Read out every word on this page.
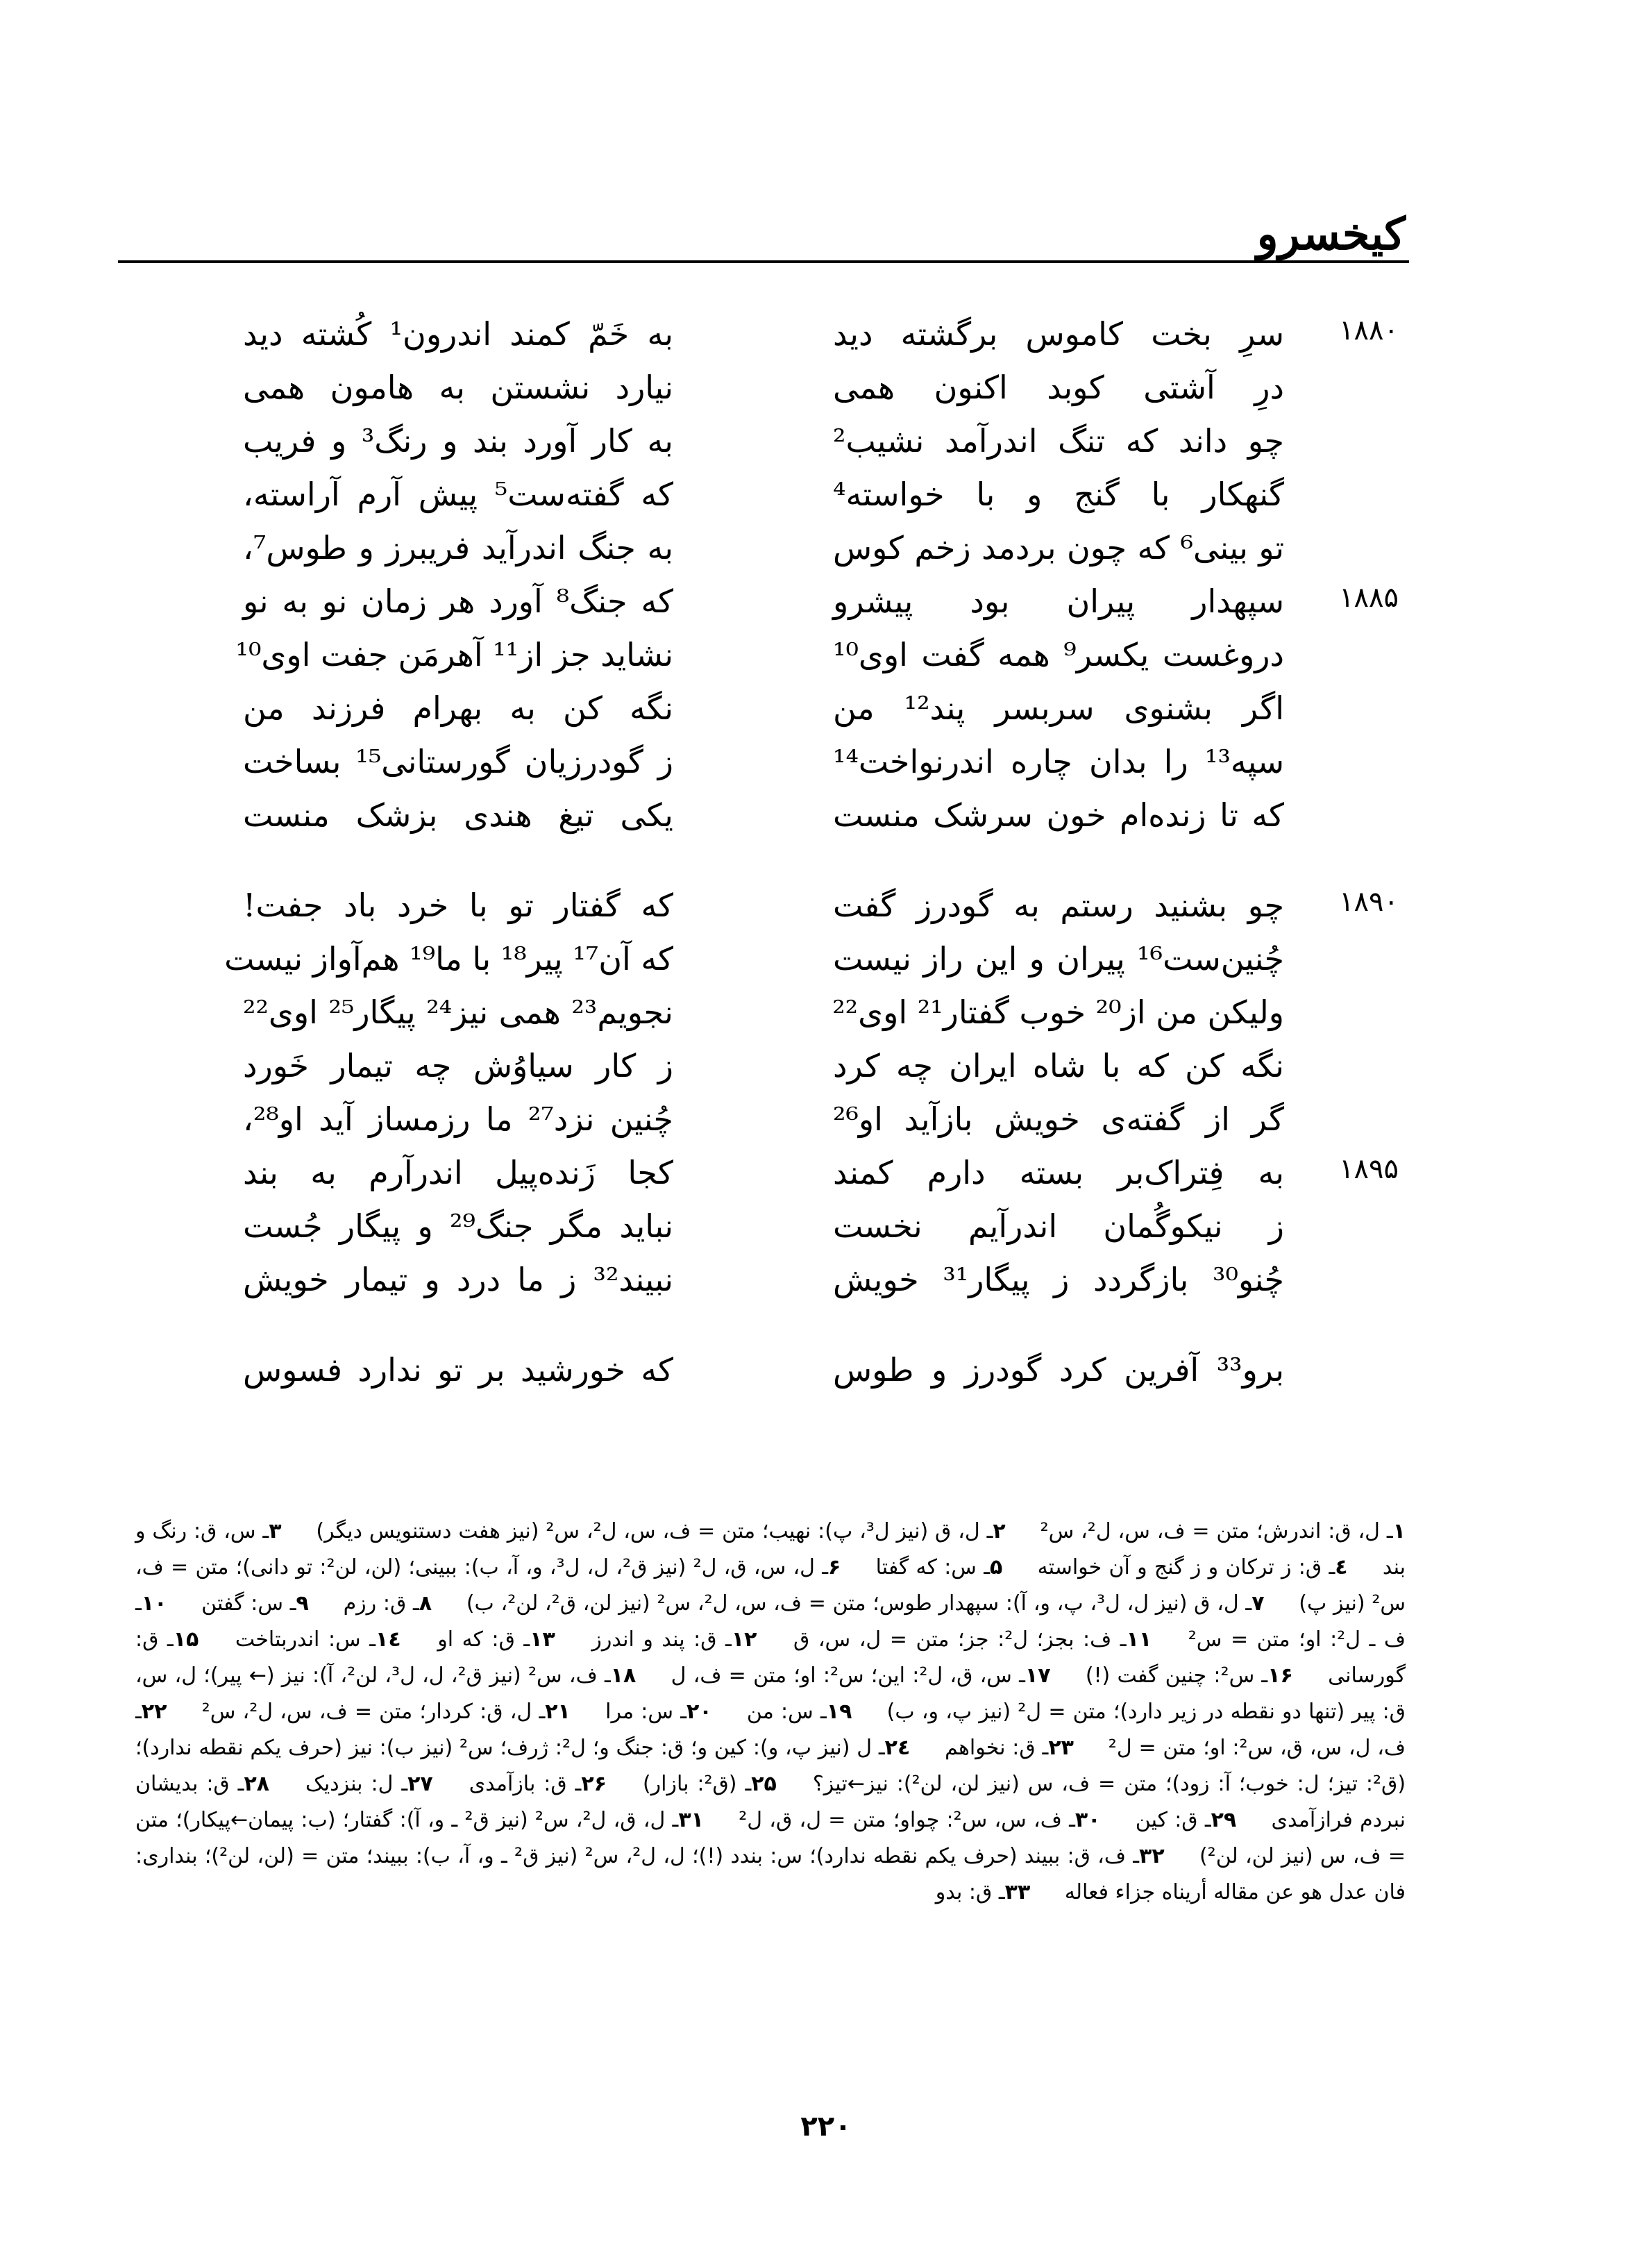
کیخسرو
۱۸۸۰
سرِ بخت کاموس برگشته دید
به خَمّ کمند اندرون¹ کُشته دید
درِ آشتی کوبد اکنون همی
نیارد نشستن به هامون همی
چو داند که تنگ اندرآمد نشیب²
به کار آورد بند و رنگ³ و فریب
گنهکار با گنج و با خواسته⁴
که گفته‌ست⁵ پیش آرم آراسته،
تو بینی⁶ که چون بردمد زخم کوس
به جنگ اندرآید فریبرز و طوس⁷،
۱۸۸۵
سپهدار پیران بود پیشرو
که جنگ⁸ آورد هر زمان نو به نو
دروغست یکسر⁹ همه گفت اوی¹⁰
نشاید جز از¹¹ آهرمَن جفت اوی¹⁰
اگر بشنوی سربسر پند¹² من
نگه کن به بهرام فرزند من
سپه¹³ را بدان چاره اندرنواخت¹⁴
ز گودرزیان گورستانی¹⁵ بساخت
که تا زنده‌ام خون سرشک منست
یکی تیغ هندی بزشک منست
۱۸۹۰
چو بشنید رستم به گودرز گفت
که گفتار تو با خرد باد جفت!
چُنین‌ست¹⁶ پیران و این راز نیست
که آن¹⁷ پیر¹⁸ با ما¹⁹ هم‌آواز نیست
ولیکن من از²⁰ خوب گفتار²¹ اوی²²
نجویم²³ همی نیز²⁴ پیگار²⁵ اوی²²
نگه کن که با شاه ایران چه کرد
ز کار سیاوُش چه تیمار خَورد
گر از گفته‌ی خویش بازآید او²⁶
چُنین نزد²⁷ ما رزمساز آید او²⁸،
۱۸۹۵
به فِتراک‌بر بسته دارم کمند
کجا زَنده‌پیل اندرآرم به بند
ز نیکوگُمان اندرآیم نخست
نباید مگر جنگ²⁹ و پیگار جُست
چُنو³⁰ بازگردد ز پیگار³¹ خویش
نبیند³² ز ما درد و تیمار خویش
برو³³ آفرین کرد گودرز و طوس
که خورشید بر تو ندارد فسوس
۱ـ ل، ق: اندرش؛ متن = ف، س، ل²، س² ۲ـ ل، ق (نیز ل³، پ): نهیب؛ متن = ف، س، ل²، س² (نیز هفت دستنویس دیگر) ۳ـ س، ق: رنگ و بند ٤ـ ق: ز ترکان و ز گنج و آن خواسته ۵ـ س: که گفتا ۶ـ ل، س، ق، ل² (نیز ق²، ل، ل³، و، آ، ب): ببینی؛ (لن، لن²: تو دانی)؛ متن = ف، س² (نیز پ) ۷ـ ل، ق (نیز ل، ل³، پ، و، آ): سپهدار طوس؛ متن = ف، س، ل²، س² (نیز لن، ق²، لن²، ب) ۸ـ ق: رزم ۹ـ س: گفتن ۱۰ـ ف ـ ل²: او؛ متن = س² ۱۱ـ ف: بجز؛ ل²: جز؛ متن = ل، س، ق ۱۲ـ ق: پند و اندرز ۱۳ـ ق: که او ۱٤ـ س: اندربتاخت ۱۵ـ ق: گورسانی ۱۶ـ س²: چنین گفت (!) ۱۷ـ س، ق، ل²: این؛ س²: او؛ متن = ف، ل ۱۸ـ ف، س² (نیز ق²، ل، ل³، لن²، آ): نیز (← پیر)؛ ل، س، ق: پیر (تنها دو نقطه در زیر دارد)؛ متن = ل² (نیز پ، و، ب) ۱۹ـ س: من ۲۰ـ س: مرا ۲۱ـ ل، ق: کردار؛ متن = ف، س، ل²، س² ۲۲ـ ف، ل، س، ق، س²: او؛ متن = ل² ۲۳ـ ق: نخواهم ۲٤ـ ل (نیز پ، و): کین و؛ ق: جنگ و؛ ل²: ژرف؛ س² (نیز ب): نیز (حرف یکم نقطه ندارد)؛ (ق²: تیز؛ ل: خوب؛ آ: زود)؛ متن = ف، س (نیز لن، لن²): نیز←تیز؟ ۲۵ـ (ق²: بازار) ۲۶ـ ق: بازآمدی ۲۷ـ ل: بنزدیک ۲۸ـ ق: بدیشان نبردم فرازآمدی ۲۹ـ ق: کین ۳۰ـ ف، س، س²: چواو؛ متن = ل، ق، ل² ۳۱ـ ل، ق، ل²، س² (نیز ق² ـ و، آ): گفتار؛ (ب: پیمان←پیکار)؛ متن = ف، س (نیز لن، لن²) ۳۲ـ ف، ق: ببیند (حرف یکم نقطه ندارد)؛ س: بندد (!)؛ ل، ل²، س² (نیز ق² ـ و، آ، ب): ببیند؛ متن = (لن، لن²)؛ بنداری: فان عدل هو عن مقاله أریناه جزاء فعاله ۳۳ـ ق: بدو
۲۲۰
